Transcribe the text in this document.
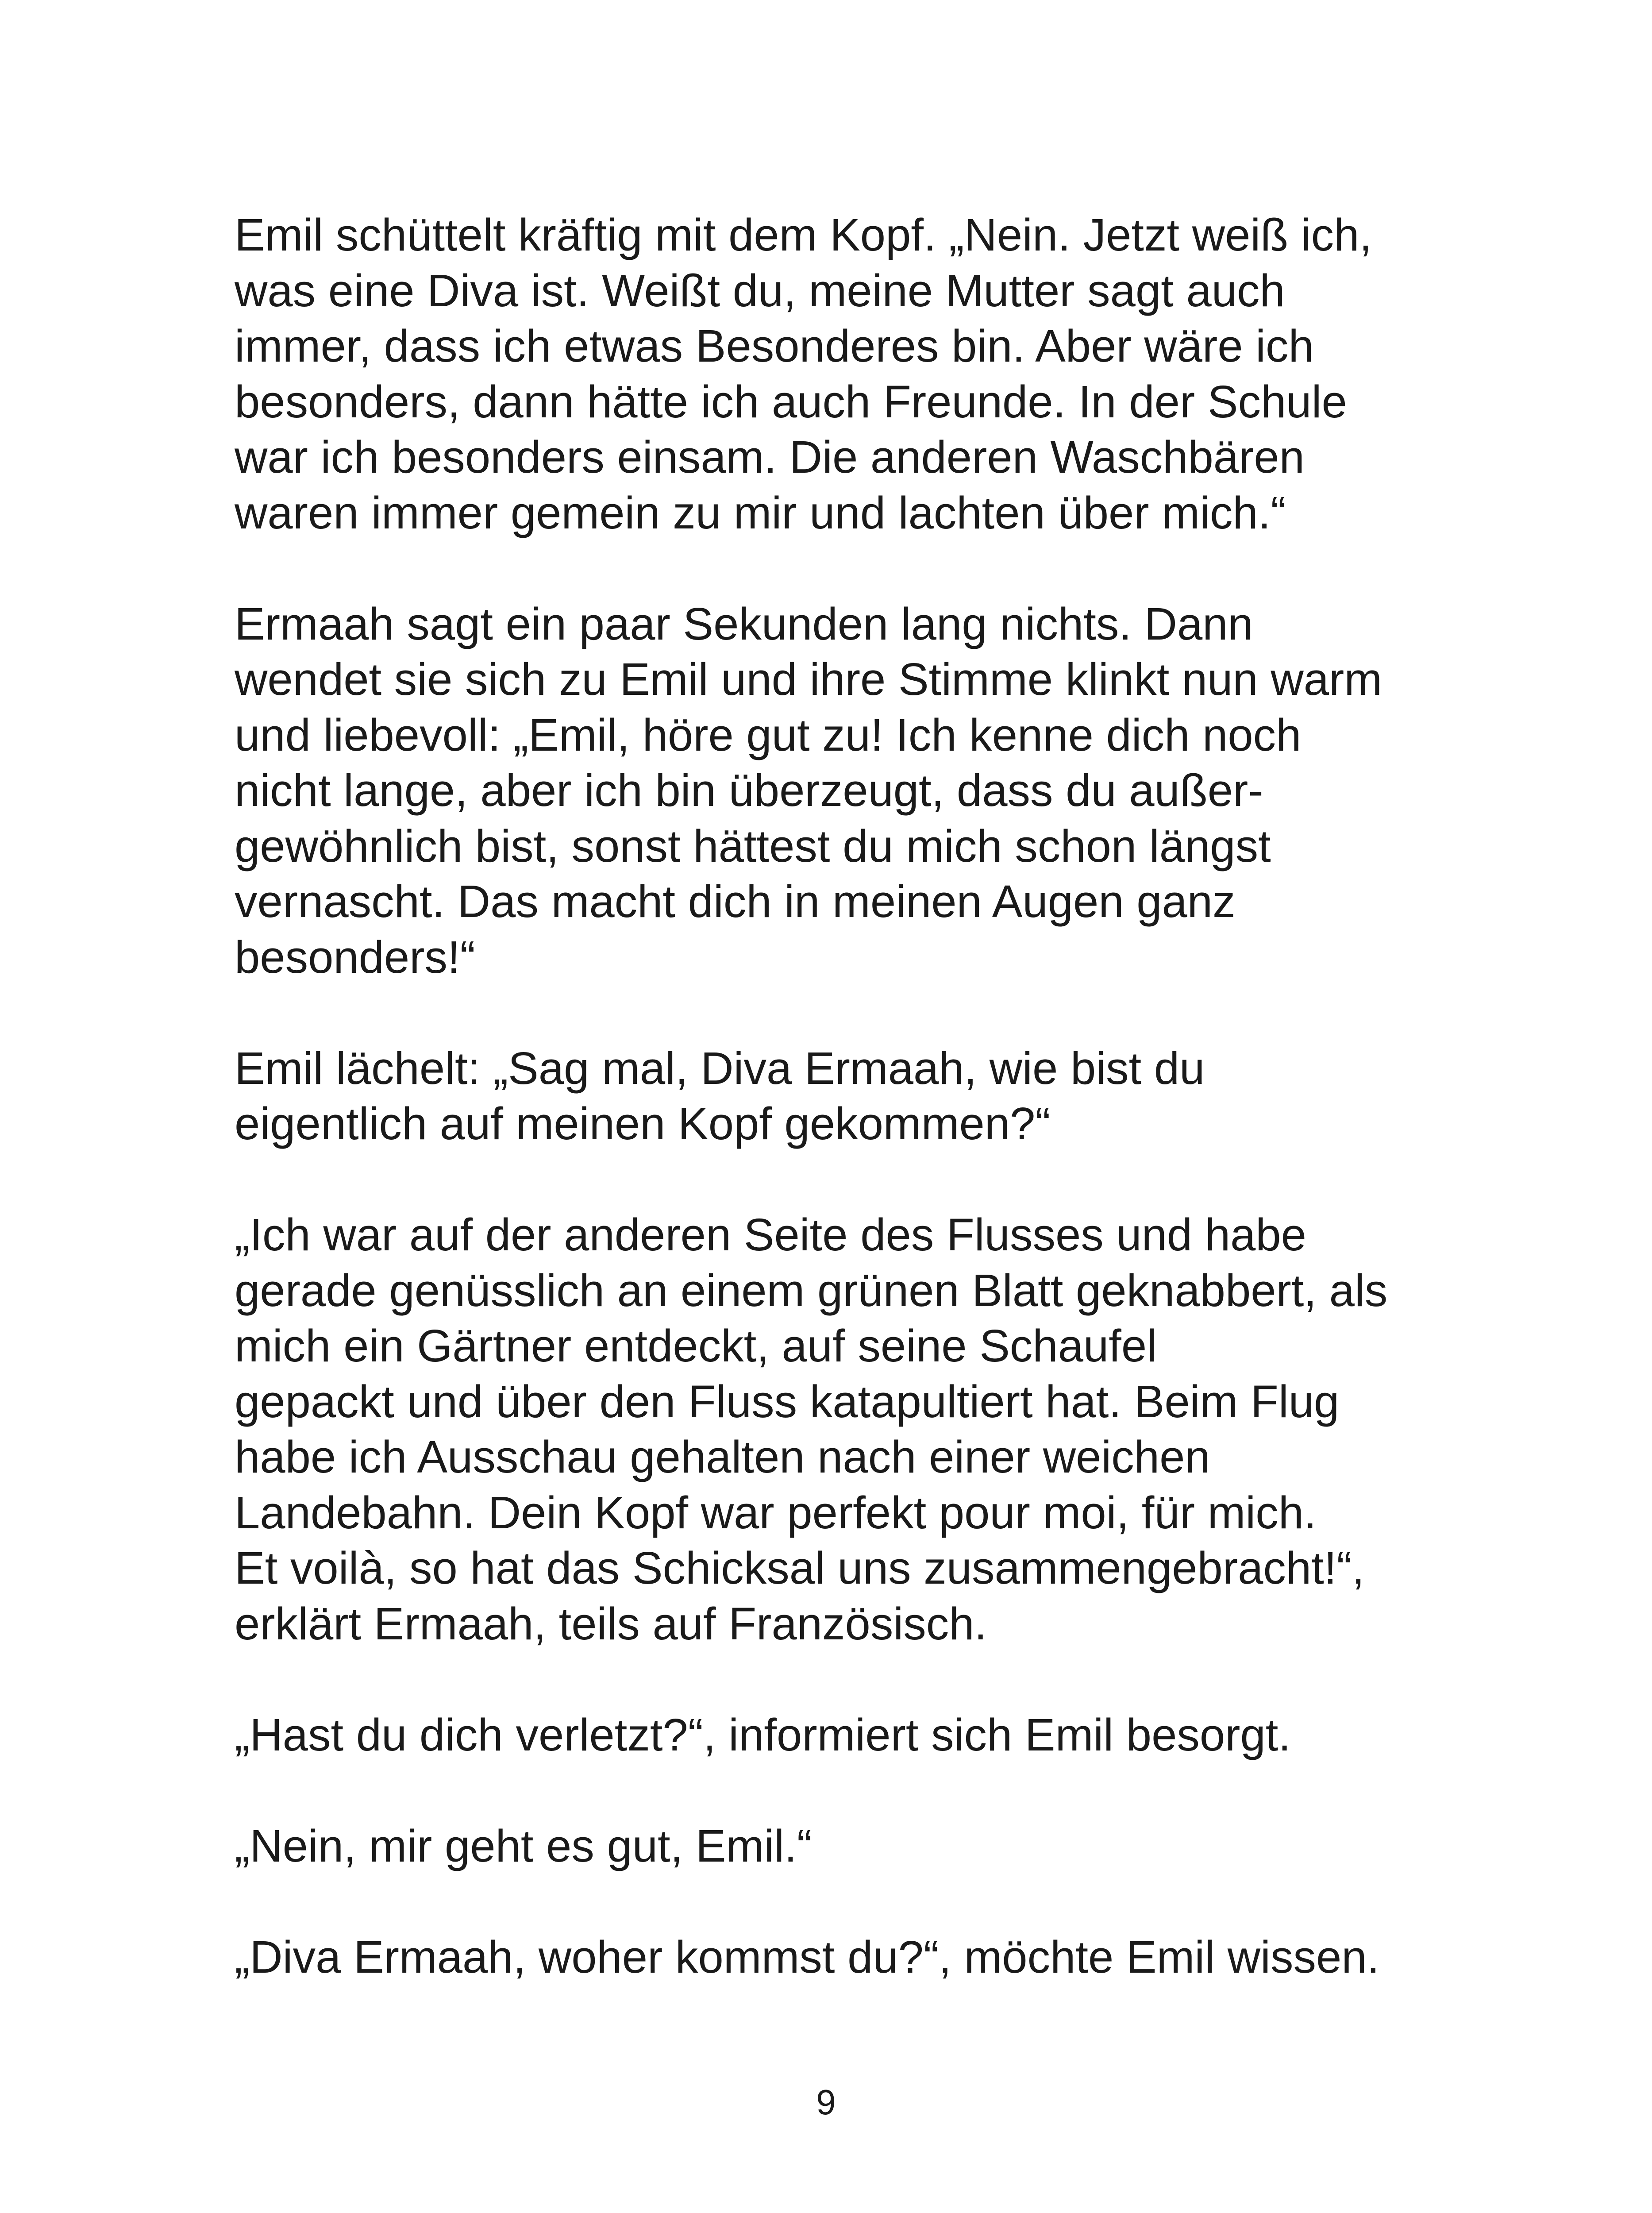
Emil schüttelt kräftig mit dem Kopf. „Nein. Jetzt weiß ich,
was eine Diva ist. Weißt du, meine Mutter sagt auch
immer, dass ich etwas Besonderes bin. Aber wäre ich
besonders, dann hätte ich auch Freunde. In der Schule
war ich besonders einsam. Die anderen Waschbären
waren immer gemein zu mir und lachten über mich.“

Ermaah sagt ein paar Sekunden lang nichts. Dann
wendet sie sich zu Emil und ihre Stimme klinkt nun warm
und liebevoll: „Emil, höre gut zu! Ich kenne dich noch
nicht lange, aber ich bin überzeugt, dass du außer-
gewöhnlich bist, sonst hättest du mich schon längst
vernascht. Das macht dich in meinen Augen ganz
besonders!“

Emil lächelt: „Sag mal, Diva Ermaah, wie bist du
eigentlich auf meinen Kopf gekommen?“

„Ich war auf der anderen Seite des Flusses und habe
gerade genüsslich an einem grünen Blatt geknabbert, als
mich ein Gärtner entdeckt, auf seine Schaufel
gepackt und über den Fluss katapultiert hat. Beim Flug
habe ich Ausschau gehalten nach einer weichen
Landebahn. Dein Kopf war perfekt pour moi, für mich.
Et voilà, so hat das Schicksal uns zusammengebracht!“,
erklärt Ermaah, teils auf Französisch.

„Hast du dich verletzt?“, informiert sich Emil besorgt.

„Nein, mir geht es gut, Emil.“

„Diva Ermaah, woher kommst du?“, möchte Emil wissen.

9
